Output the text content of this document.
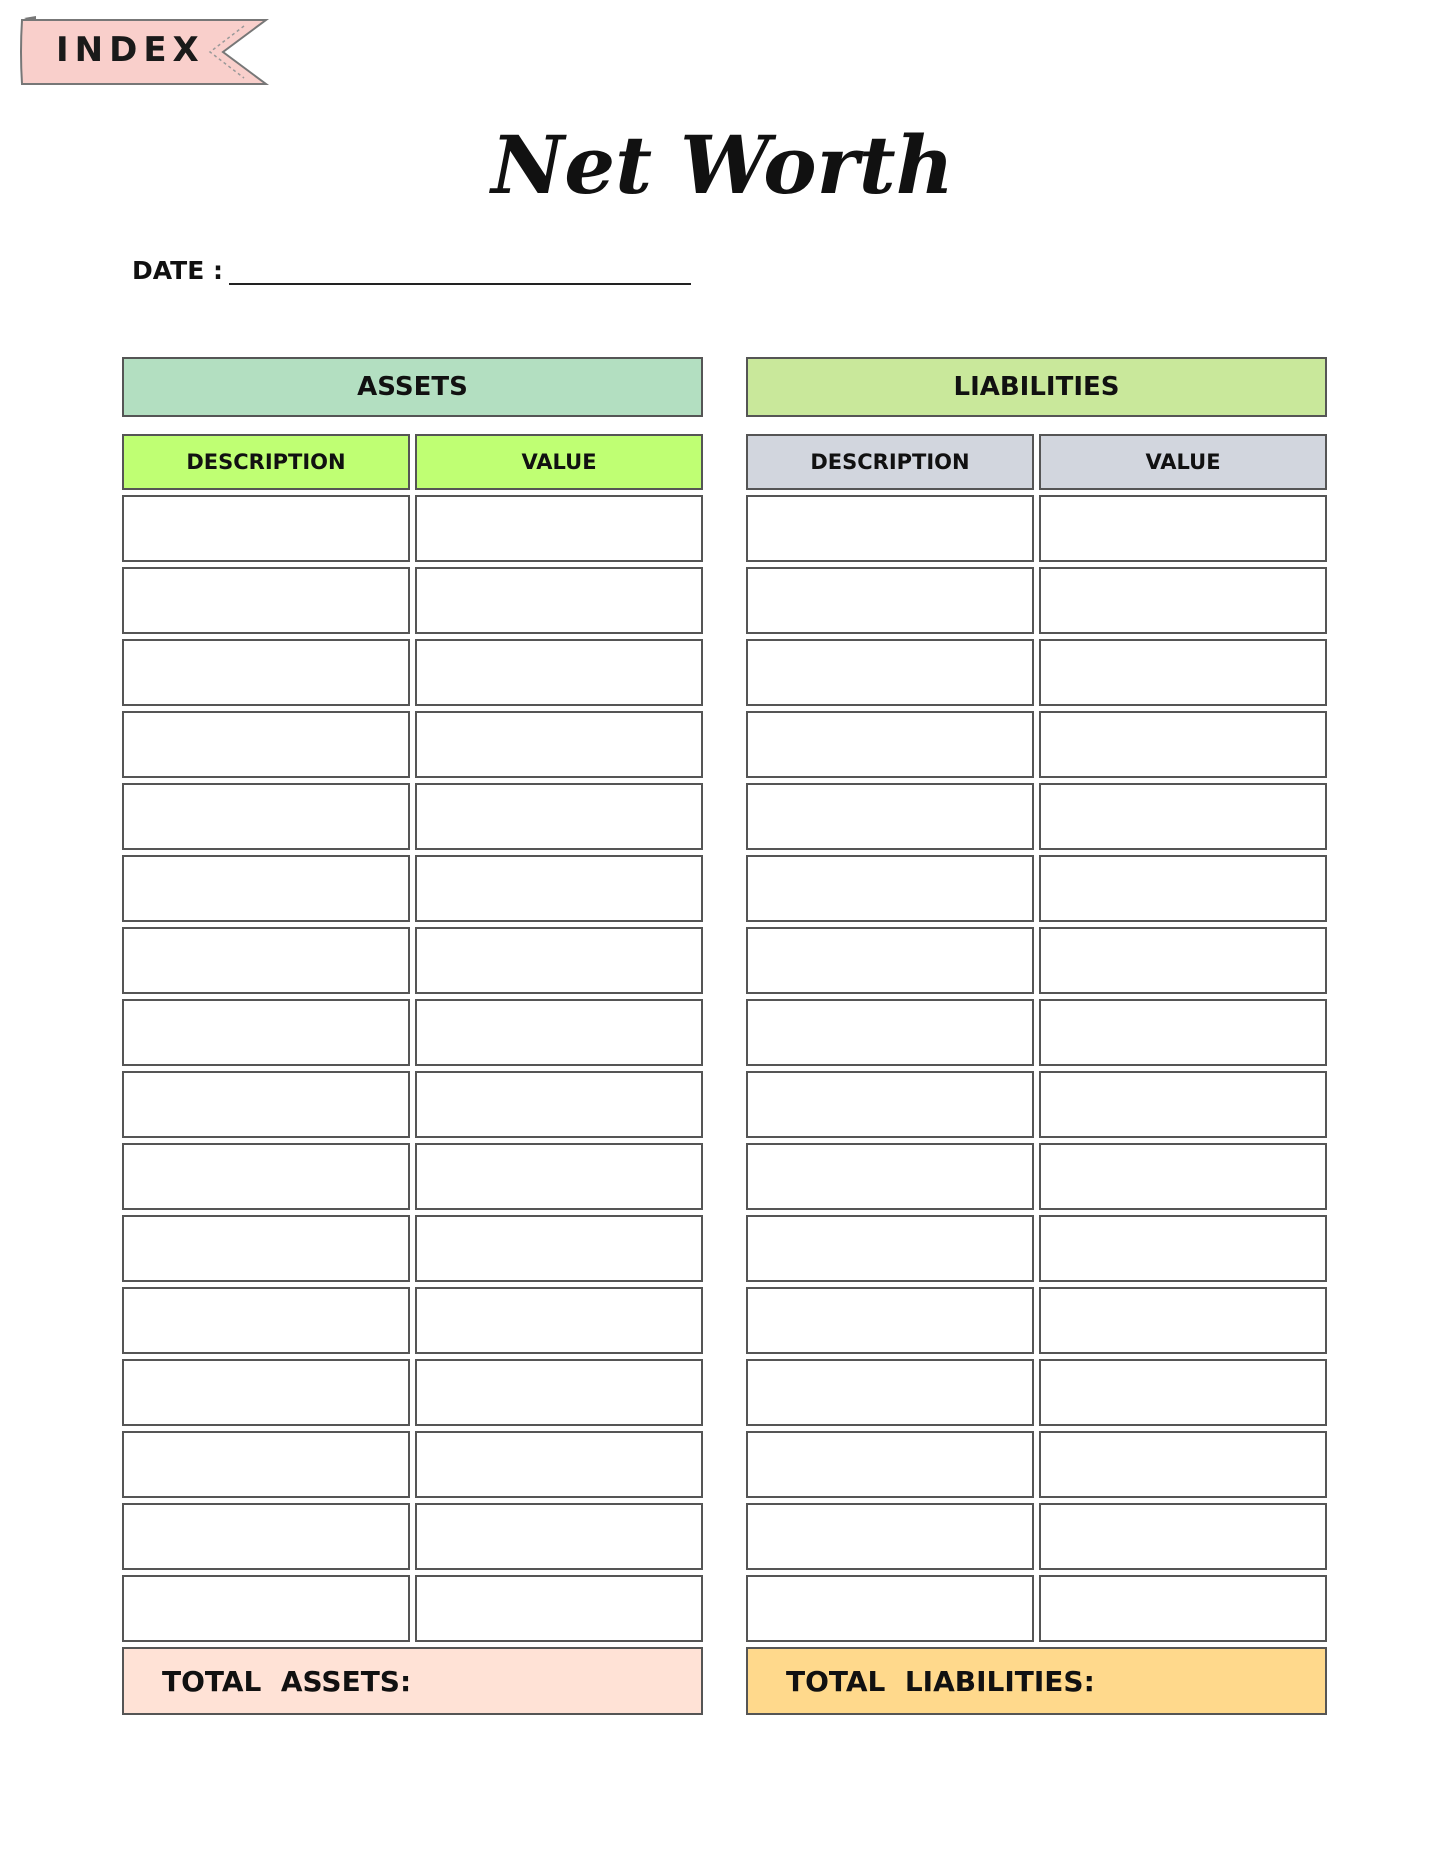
INDEX
Net Worth
DATE :
ASSETS
DESCRIPTION	VALUE
TOTAL  ASSETS:
LIABILITIES
DESCRIPTION	VALUE
TOTAL  LIABILITIES:
